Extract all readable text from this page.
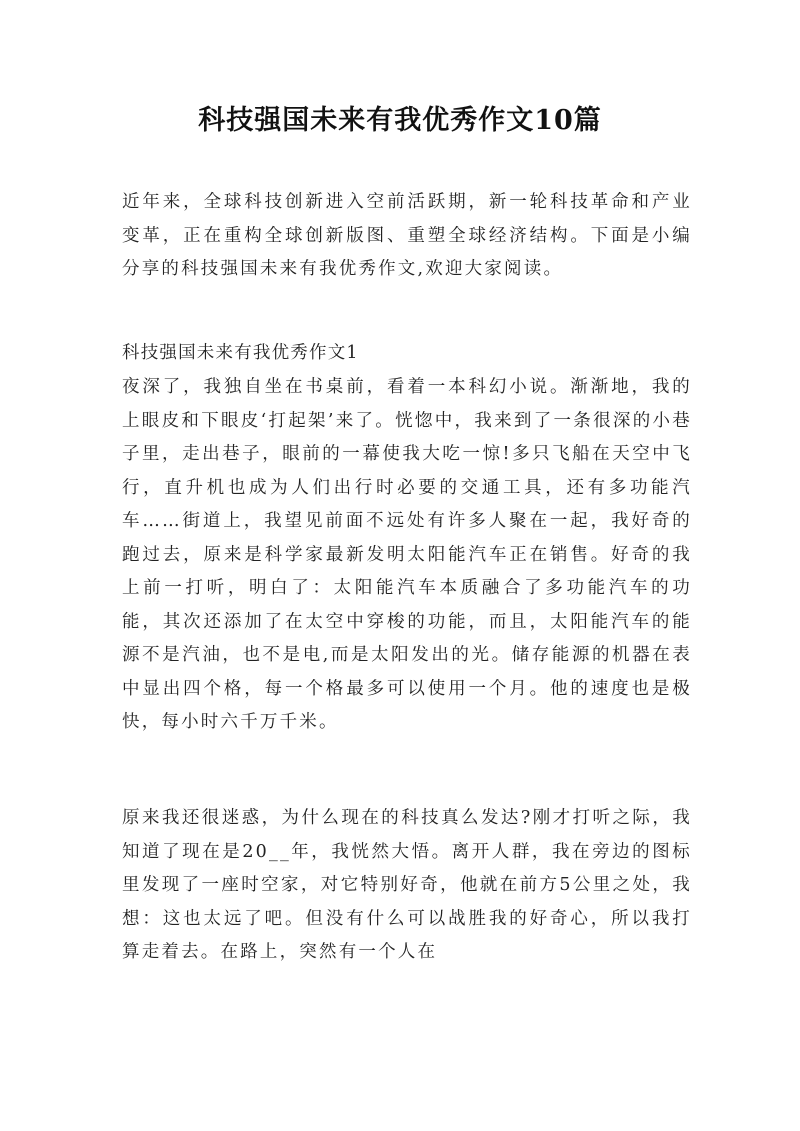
科技强国未来有我优秀作文10篇

近年来，全球科技创新进入空前活跃期，新一轮科技革命和产业变革，正在重构全球创新版图、重塑全球经济结构。下面是小编分享的科技强国未来有我优秀作文,欢迎大家阅读。

科技强国未来有我优秀作文1

夜深了，我独自坐在书桌前，看着一本科幻小说。渐渐地，我的上眼皮和下眼皮‘打起架’来了。恍惚中，我来到了一条很深的小巷子里，走出巷子，眼前的一幕使我大吃一惊!多只飞船在天空中飞行，直升机也成为人们出行时必要的交通工具，还有多功能汽车……街道上，我望见前面不远处有许多人聚在一起，我好奇的跑过去，原来是科学家最新发明太阳能汽车正在销售。好奇的我上前一打听，明白了：太阳能汽车本质融合了多功能汽车的功能，其次还添加了在太空中穿梭的功能，而且，太阳能汽车的能源不是汽油，也不是电,而是太阳发出的光。储存能源的机器在表中显出四个格，每一个格最多可以使用一个月。他的速度也是极快，每小时六千万千米。

原来我还很迷惑，为什么现在的科技真么发达?刚才打听之际，我知道了现在是20__年，我恍然大悟。离开人群，我在旁边的图标里发现了一座时空家，对它特别好奇，他就在前方5公里之处，我想：这也太远了吧。但没有什么可以战胜我的好奇心，所以我打算走着去。在路上，突然有一个人在
